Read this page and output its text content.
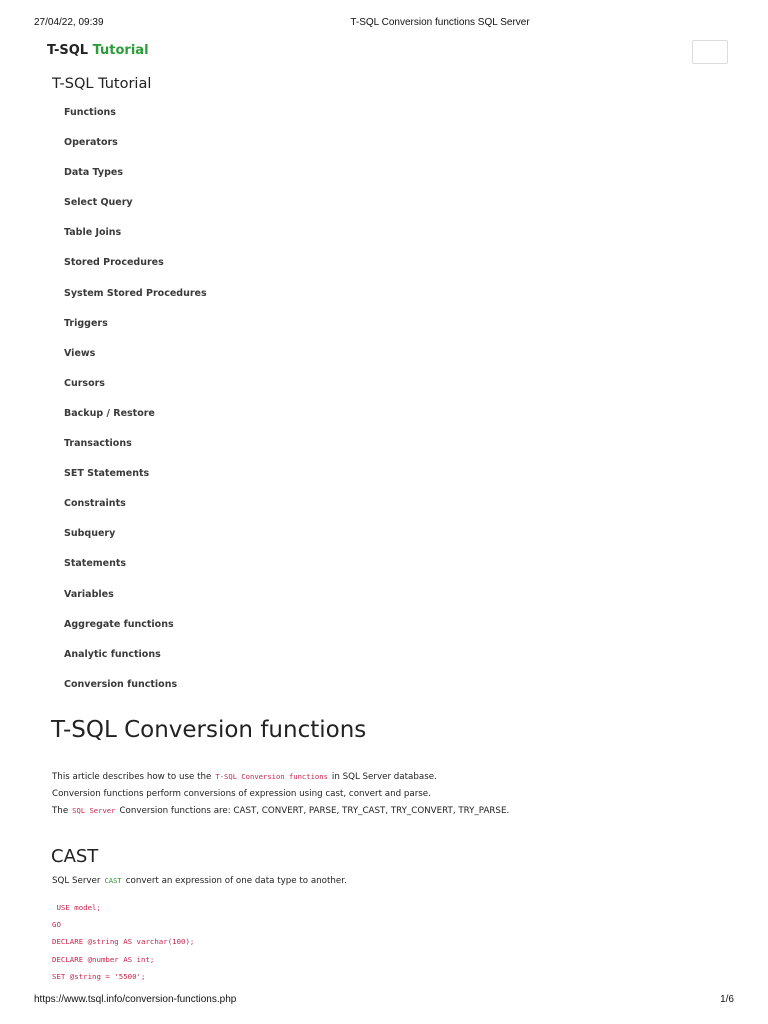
27/04/22, 09:39	T-SQL Conversion functions SQL Server
T-SQL Tutorial
T-SQL Tutorial
Functions
Operators
Data Types
Select Query
Table Joins
Stored Procedures
System Stored Procedures
Triggers
Views
Cursors
Backup / Restore
Transactions
SET Statements
Constraints
Subquery
Statements
Variables
Aggregate functions
Analytic functions
Conversion functions
T-SQL Conversion functions

This article describes how to use the T-SQL Conversion functions in SQL Server database.

Conversion functions perform conversions of expression using cast, convert and parse.

The SQL Server Conversion functions are: CAST, CONVERT, PARSE, TRY_CAST, TRY_CONVERT, TRY_PARSE.

CAST

SQL Server CAST convert an expression of one data type to another.

USE model;
GO
DECLARE @string AS varchar(100);
DECLARE @number AS int;
SET @string = '5500';
https://www.tsql.info/conversion-functions.php	1/6
